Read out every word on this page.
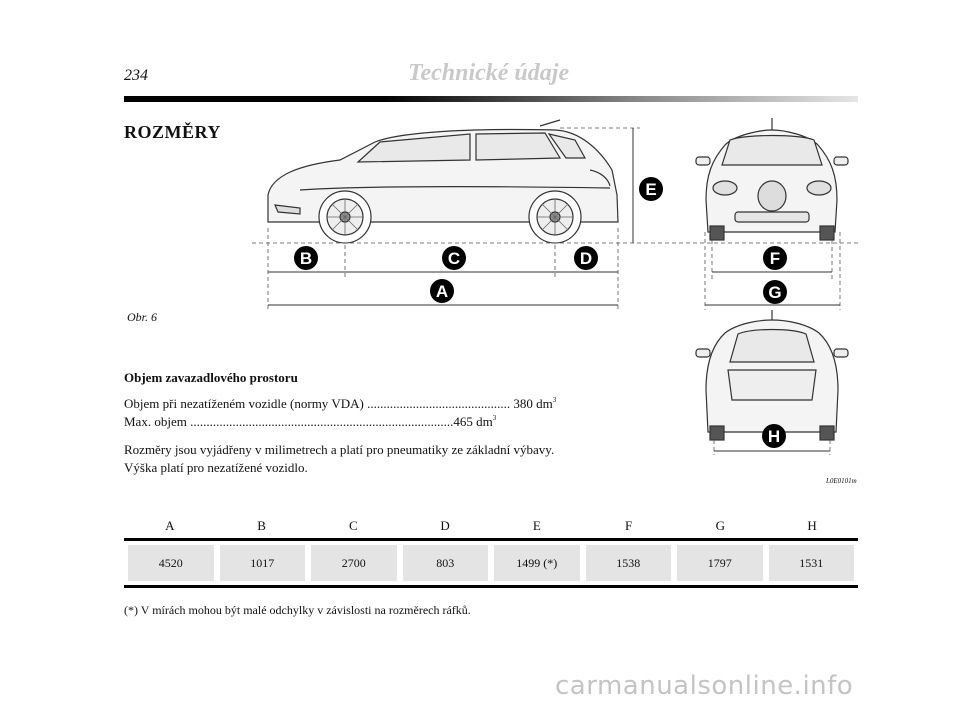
234	Technické údaje
ROZMĚRY
B	C	D
A
E
F
G
H
Obr. 6
L0E0101m
Objem zavazadlového prostoru
Objem při nezatíženém vozidle (normy VDA) ............................................ 380 $dm^3$
Max. objem .................................................................................465 $dm^3$
Rozměry jsou vyjádřeny v milimetrech a platí pro pneumatiky ze základní výbavy.
Výška platí pro nezatížené vozidlo.
A	B	C	D	E	F	G	H
4520	1017	2700	803	1499 (*)	1538	1797	1531
(*) V mírách mohou být malé odchylky v závislosti na rozměrech ráfků.
carmanualsonline.info
